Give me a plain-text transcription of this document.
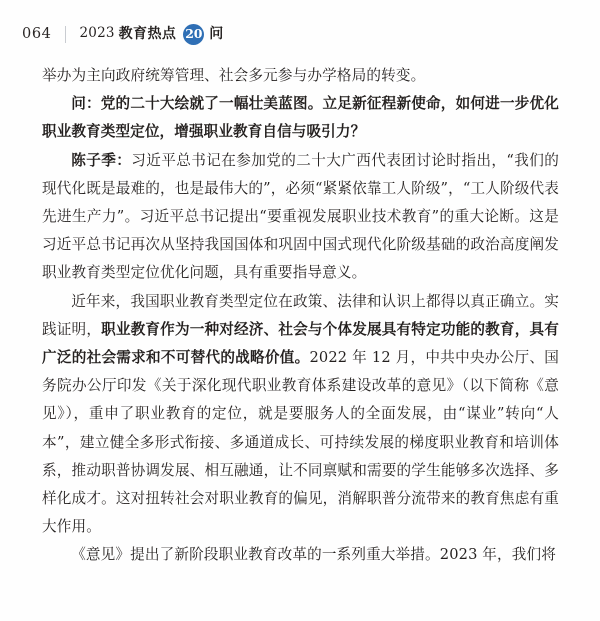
064 2023 教育热点 20 问

举办为主向政府统筹管理、社会多元参与办学格局的转变。

问：党的二十大绘就了一幅壮美蓝图。立足新征程新使命，如何进一步优化职业教育类型定位，增强职业教育自信与吸引力？

陈子季：习近平总书记在参加党的二十大广西代表团讨论时指出，“我们的现代化既是最难的，也是最伟大的”，必须“紧紧依靠工人阶级”，“工人阶级代表先进生产力”。习近平总书记提出“要重视发展职业技术教育”的重大论断。这是习近平总书记再次从坚持我国国体和巩固中国式现代化阶级基础的政治高度阐发职业教育类型定位优化问题，具有重要指导意义。

近年来，我国职业教育类型定位在政策、法律和认识上都得以真正确立。实践证明，职业教育作为一种对经济、社会与个体发展具有特定功能的教育，具有广泛的社会需求和不可替代的战略价值。2022 年 12 月，中共中央办公厅、国务院办公厅印发《关于深化现代职业教育体系建设改革的意见》（以下简称《意见》），重申了职业教育的定位，就是要服务人的全面发展，由“谋业”转向“人本”，建立健全多形式衔接、多通道成长、可持续发展的梯度职业教育和培训体系，推动职普协调发展、相互融通，让不同禀赋和需要的学生能够多次选择、多样化成才。这对扭转社会对职业教育的偏见，消解职普分流带来的教育焦虑有重大作用。

《意见》提出了新阶段职业教育改革的一系列重大举措。2023 年，我们将
